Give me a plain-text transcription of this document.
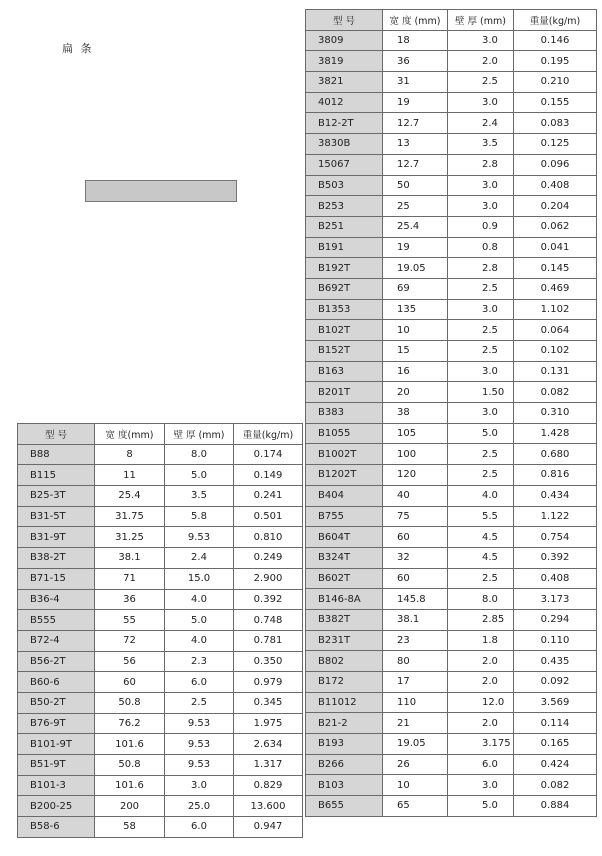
扁 条
型 号	宽 度 (mm)	壁 厚 (mm)	重量(kg/m)
3809	18	3.0	0.146
3819	36	2.0	0.195
3821	31	2.5	0.210
4012	19	3.0	0.155
B12-2T	12.7	2.4	0.083
3830B	13	3.5	0.125
15067	12.7	2.8	0.096
B503	50	3.0	0.408
B253	25	3.0	0.204
B251	25.4	0.9	0.062
B191	19	0.8	0.041
B192T	19.05	2.8	0.145
B692T	69	2.5	0.469
B1353	135	3.0	1.102
B102T	10	2.5	0.064
B152T	15	2.5	0.102
B163	16	3.0	0.131
B201T	20	1.50	0.082
B383	38	3.0	0.310
B1055	105	5.0	1.428
B1002T	100	2.5	0.680
B1202T	120	2.5	0.816
B404	40	4.0	0.434
B755	75	5.5	1.122
B604T	60	4.5	0.754
B324T	32	4.5	0.392
B602T	60	2.5	0.408
B146-8A	145.8	8.0	3.173
B382T	38.1	2.85	0.294
B231T	23	1.8	0.110
B802	80	2.0	0.435
B172	17	2.0	0.092
B11012	110	12.0	3.569
B21-2	21	2.0	0.114
B193	19.05	3.175	0.165
B266	26	6.0	0.424
B103	10	3.0	0.082
B655	65	5.0	0.884
型 号	宽 度(mm)	壁 厚 (mm)	重量(kg/m)
B88	8	8.0	0.174
B115	11	5.0	0.149
B25-3T	25.4	3.5	0.241
B31-5T	31.75	5.8	0.501
B31-9T	31.25	9.53	0.810
B38-2T	38.1	2.4	0.249
B71-15	71	15.0	2.900
B36-4	36	4.0	0.392
B555	55	5.0	0.748
B72-4	72	4.0	0.781
B56-2T	56	2.3	0.350
B60-6	60	6.0	0.979
B50-2T	50.8	2.5	0.345
B76-9T	76.2	9.53	1.975
B101-9T	101.6	9.53	2.634
B51-9T	50.8	9.53	1.317
B101-3	101.6	3.0	0.829
B200-25	200	25.0	13.600
B58-6	58	6.0	0.947
